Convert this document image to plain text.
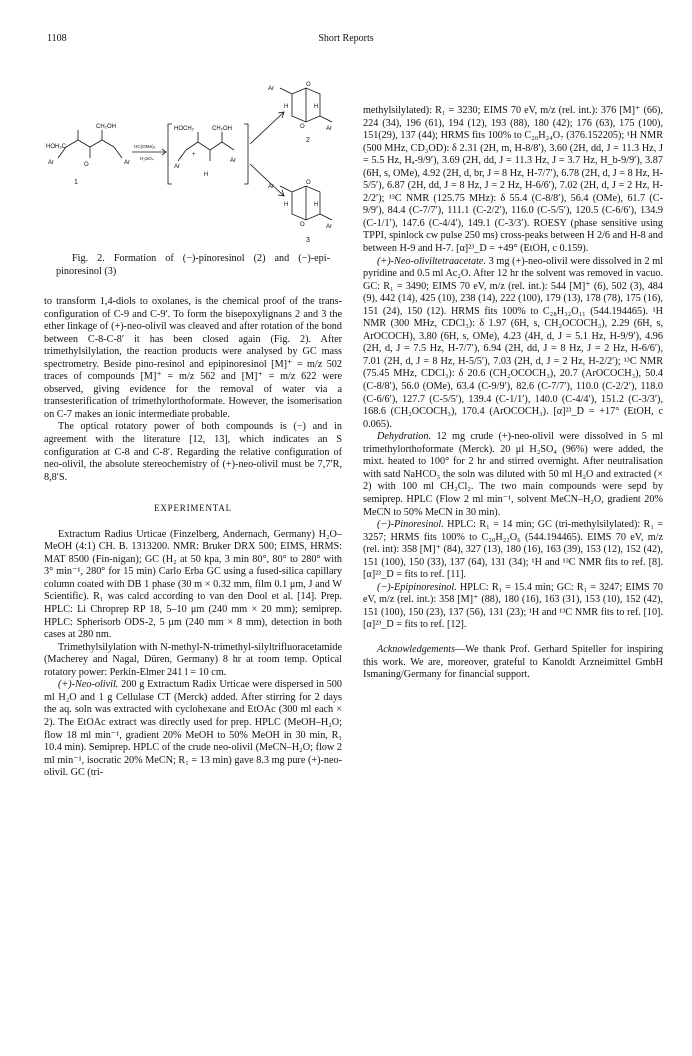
1108	Short Reports
HOH₂C
CH₂OH
Ar	Ar
O
1
HC(OMe)₃
H₂SO₄
HOCH₂	CH₂OH
Ar
Ar
H
+
Ar
Ar
O
O
H	H
2
Ar
Ar
O
O
H	H
3
Fig. 2. Formation of (−)-pinoresinol (2) and (−)-epi-pinoresinol (3)

to transform 1,4-diols to oxolanes, is the chemical proof of the trans-configuration of C-9 and C-9′. To form the bisepoxylignans 2 and 3 the ether linkage of (+)-neo-olivil was cleaved and after rotation of the bond between C-8-C-8′ it has been closed again (Fig. 2). After trimethylsilylation, the reaction products were analysed by GC mass spectrometry. Beside pino-resinol and epipinoresinol [M]⁺ = m/z 502 traces of compounds [M]⁺ = m/z 562 and [M]⁺ = m/z 622 were observed, giving evidence for the removal of water via a transesterification of trimethylorthoformate. However, the isomerisation on C-7 makes an ionic intermediate probable.

The optical rotatory power of both compounds is (−) and in agreement with the literature [12, 13], which indicates an S configuration at C-8 and C-8′. Regarding the relative configuration of neo-olivil, the absolute stereochemistry of (+)-neo-olivil must be 7,7′R, 8,8′S.

EXPERIMENTAL

Extractum Radius Urticae (Finzelberg, Andernach, Germany) H₂O–MeOH (4:1) CH. B. 1313200. NMR: Bruker DRX 500; EIMS, HRMS: MAT 8500 (Fin-nigan); GC (H₂ at 50 kpa, 3 min 80°, 80° to 280° with 3° min⁻¹, 280° for 15 min) Carlo Erba GC using a fused-silica capillary column coated with DB 1 phase (30 m × 0.32 mm, film 0.1 μm, J and W Scientific). R₁ was calcd according to van den Dool et al. [14]. Prep. HPLC: Li Chroprep RP 18, 5–10 μm (240 mm × 20 mm); semiprep. HPLC: Spherisorb ODS-2, 5 μm (240 mm × 8 mm), detection in both cases at 280 nm.

Trimethylsilylation with N-methyl-N-trimethyl-silyltrifluoracetamide (Macherey and Nagal, Düren, Germany) 8 hr at room temp. Optical rotatory power: Perkin-Elmer 241 l = 10 cm.

(+)-Neo-olivil. 200 g Extractum Radix Urticae were dispersed in 500 ml H₂O and 1 g Cellulase CT (Merck) added. After stirring for 2 days the aq. soln was extracted with cyclohexane and EtOAc (300 ml each × 2). The EtOAc extract was directly used for prep. HPLC (MeOH–H₂O; flow 18 ml min⁻¹, gradient 20% MeOH to 50% MeOH in 30 min, R₁ 10.4 min). Semiprep. HPLC of the crude neo-olivil (MeCN–H₂O; flow 2 ml min⁻¹, isocratic 20% MeCN; R₁ = 13 min) gave 8.3 mg pure (+)-neo-olivil. GC (tri-

methylsilylated): R₁ = 3230; EIMS 70 eV, m/z (rel. int.): 376 [M]⁺ (66), 224 (34), 196 (61), 194 (12), 193 (88), 180 (42); 176 (63), 175 (100), 151(29), 137 (44); HRMS fits 100% to C₂₀H₂₄O₇ (376.152205); ¹H NMR (500 MHz, CD₃OD): δ 2.31 (2H, m, H-8/8′), 3.60 (2H, dd, J = 11.3 Hz, J = 5.5 Hz, Hₐ-9/9′), 3.69 (2H, dd, J = 11.3 Hz, J = 3.7 Hz, H_b-9/9′), 3.87 (6H, s, OMe), 4.92 (2H, d, br, J = 8 Hz, H-7/7′), 6.78 (2H, d, J = 8 Hz, H-5/5′), 6.87 (2H, dd, J = 8 Hz, J = 2 Hz, H-6/6′), 7.02 (2H, d, J = 2 Hz, H-2/2′); ¹³C NMR (125.75 MHz): δ 55.4 (C-8/8′), 56.4 (OMe), 61.7 (C-9/9′), 84.4 (C-7/7′), 111.1 (C-2/2′), 116.0 (C-5/5′), 120.5 (C-6/6′), 134.9 (C-1/1′), 147.6 (C-4/4′), 149.1 (C-3/3′). ROESY (phase sensitive using TPPI, spinlock cw pulse 250 ms) cross-peaks between H 2/6 and H-8 and between H-9 and H-7. [α]²³_D = +49° (EtOH, c 0.159).

(+)-Neo-oliviltetraacetate. 3 mg (+)-neo-olivil were dissolved in 2 ml pyridine and 0.5 ml Ac₂O. After 12 hr the solvent was removed in vacuo. GC: R₁ = 3490; EIMS 70 eV, m/z (rel. int.): 544 [M]⁺ (6), 502 (3), 484 (9), 442 (14), 425 (10), 238 (14), 222 (100), 179 (13), 178 (78), 175 (16), 151 (24), 150 (12). HRMS fits 100% to C₂₈H₃₂O₁₁ (544.194465). ¹H NMR (300 MHz, CDCl₃): δ 1.97 (6H, s, CH₂OCOCH₃), 2.29 (6H, s, ArOCOCH), 3.80 (6H, s, OMe), 4.23 (4H, d, J = 5.1 Hz, H-9/9′), 4.96 (2H, d, J = 7.5 Hz, H-7/7′), 6.94 (2H, dd, J = 8 Hz, J = 2 Hz, H-6/6′), 7.01 (2H, d, J = 8 Hz, H-5/5′), 7.03 (2H, d, J = 2 Hz, H-2/2′); ¹³C NMR (75.45 MHz, CDCl₃): δ 20.6 (CH₂OCOCH₃), 20.7 (ArOCOCH₃), 50.4 (C-8/8′), 56.0 (OMe), 63.4 (C-9/9′), 82.6 (C-7/7′), 110.0 (C-2/2′), 118.0 (C-6/6′), 127.7 (C-5/5′), 139.4 (C-1/1′), 140.0 (C-4/4′), 151.2 (C-3/3′), 168.6 (CH₂OCOCH₃), 170.4 (ArOCOCH₃). [α]²³_D = +17° (EtOH, c 0.065).

Dehydration. 12 mg crude (+)-neo-olivil were dissolved in 5 ml trimethylorthoformate (Merck). 20 μl H₂SO₄ (96%) were added, the mixt. heated to 100° for 2 hr and stirred overnight. After neutralisation with satd NaHCO₃ the soln was diluted with 50 ml H₂O and extracted (× 2) with 100 ml CH₂Cl₂. The two main compounds were sepd by semiprep. HPLC (Flow 2 ml min⁻¹, solvent MeCN–H₂O, gradient 20% MeCN to 50% MeCN in 30 min).

(−)-Pinoresinol. HPLC: R₁ = 14 min; GC (tri-methylsilylated): R₁ = 3257; HRMS fits 100% to C₂₀H₂₂O₆ (544.194465). EIMS 70 eV, m/z (rel. int): 358 [M]⁺ (84), 327 (13), 180 (16), 163 (39), 153 (12), 152 (42), 151 (100), 150 (33), 137 (64), 131 (34); ¹H and ¹³C NMR fits to ref. [8]. [α]²³_D = fits to ref. [11].

(−)-Epipinoresinol. HPLC: R₁ = 15.4 min; GC: R₁ = 3247; EIMS 70 eV, m/z (rel. int.): 358 [M]⁺ (88), 180 (16), 163 (31), 153 (10), 152 (42), 151 (100), 150 (23), 137 (56), 131 (23); ¹H and ¹³C NMR fits to ref. [10]. [α]²³_D = fits to ref. [12].

Acknowledgements—We thank Prof. Gerhard Spiteller for inspiring this work. We are, moreover, grateful to Kanoldt Arzneimittel GmbH Ismaning/Germany for financial support.
